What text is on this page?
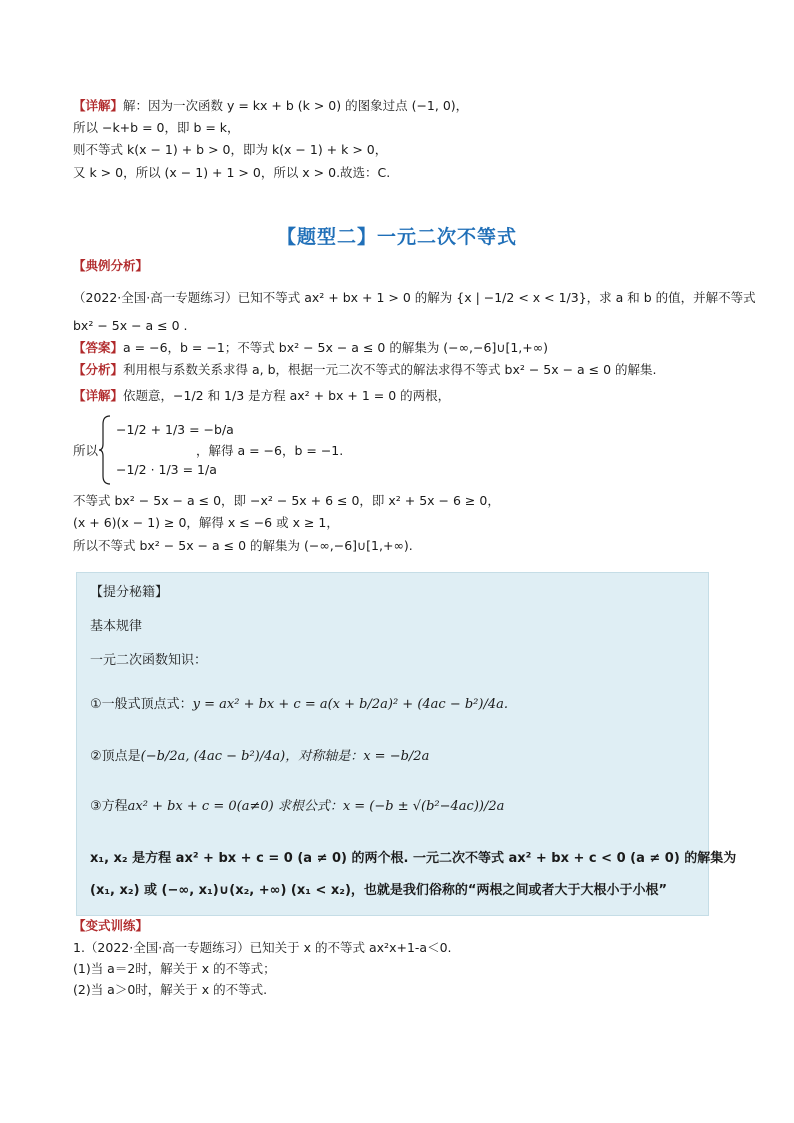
【详解】解：因为一次函数 y = kx + b (k > 0) 的图象过点 (−1, 0)，
所以 −k+b = 0，即 b = k，
则不等式 k(x − 1) + b > 0，即为 k(x − 1) + k > 0，
又 k > 0，所以 (x − 1) + 1 > 0，所以 x > 0.故选：C.
【题型二】一元二次不等式
【典例分析】
（2022·全国·高一专题练习）已知不等式 ax² + bx + 1 > 0 的解为 {x | −1/2 < x < 1/3}，求 a 和 b 的值，并解不等式
bx² − 5x − a ≤ 0 .
【答案】a = −6，b = −1；不等式 bx² − 5x − a ≤ 0 的解集为 (−∞,−6]∪[1,+∞)
【分析】利用根与系数关系求得 a, b，根据一元二次不等式的解法求得不等式 bx² − 5x − a ≤ 0 的解集.
【详解】依题意，−1/2 和 1/3 是方程 ax² + bx + 1 = 0 的两根，
所以
−1/2 + 1/3 = −b/a
−1/2 · 1/3 = 1/a
，解得 a = −6，b = −1.
不等式 bx² − 5x − a ≤ 0，即 −x² − 5x + 6 ≤ 0，即 x² + 5x − 6 ≥ 0，
(x + 6)(x − 1) ≥ 0，解得 x ≤ −6 或 x ≥ 1，
所以不等式 bx² − 5x − a ≤ 0 的解集为 (−∞,−6]∪[1,+∞).
【提分秘籍】
基本规律
一元二次函数知识：
①一般式顶点式：y = ax² + bx + c = a(x + b/2a)² + (4ac − b²)/4a.
②顶点是(−b/2a, (4ac − b²)/4a)，对称轴是：x = −b/2a
③方程ax² + bx + c = 0(a≠0) 求根公式：x = (−b ± √(b²−4ac))/2a
x₁, x₂ 是方程 ax² + bx + c = 0 (a ≠ 0) 的两个根. 一元二次不等式 ax² + bx + c < 0 (a ≠ 0) 的解集为
(x₁, x₂) 或 (−∞, x₁)∪(x₂, +∞) (x₁ < x₂)，也就是我们俗称的“两根之间或者大于大根小于小根”
【变式训练】
1.（2022·全国·高一专题练习）已知关于 x 的不等式 ax²x+1-a＜0.
(1)当 a＝2时，解关于 x 的不等式；
(2)当 a＞0时，解关于 x 的不等式.
